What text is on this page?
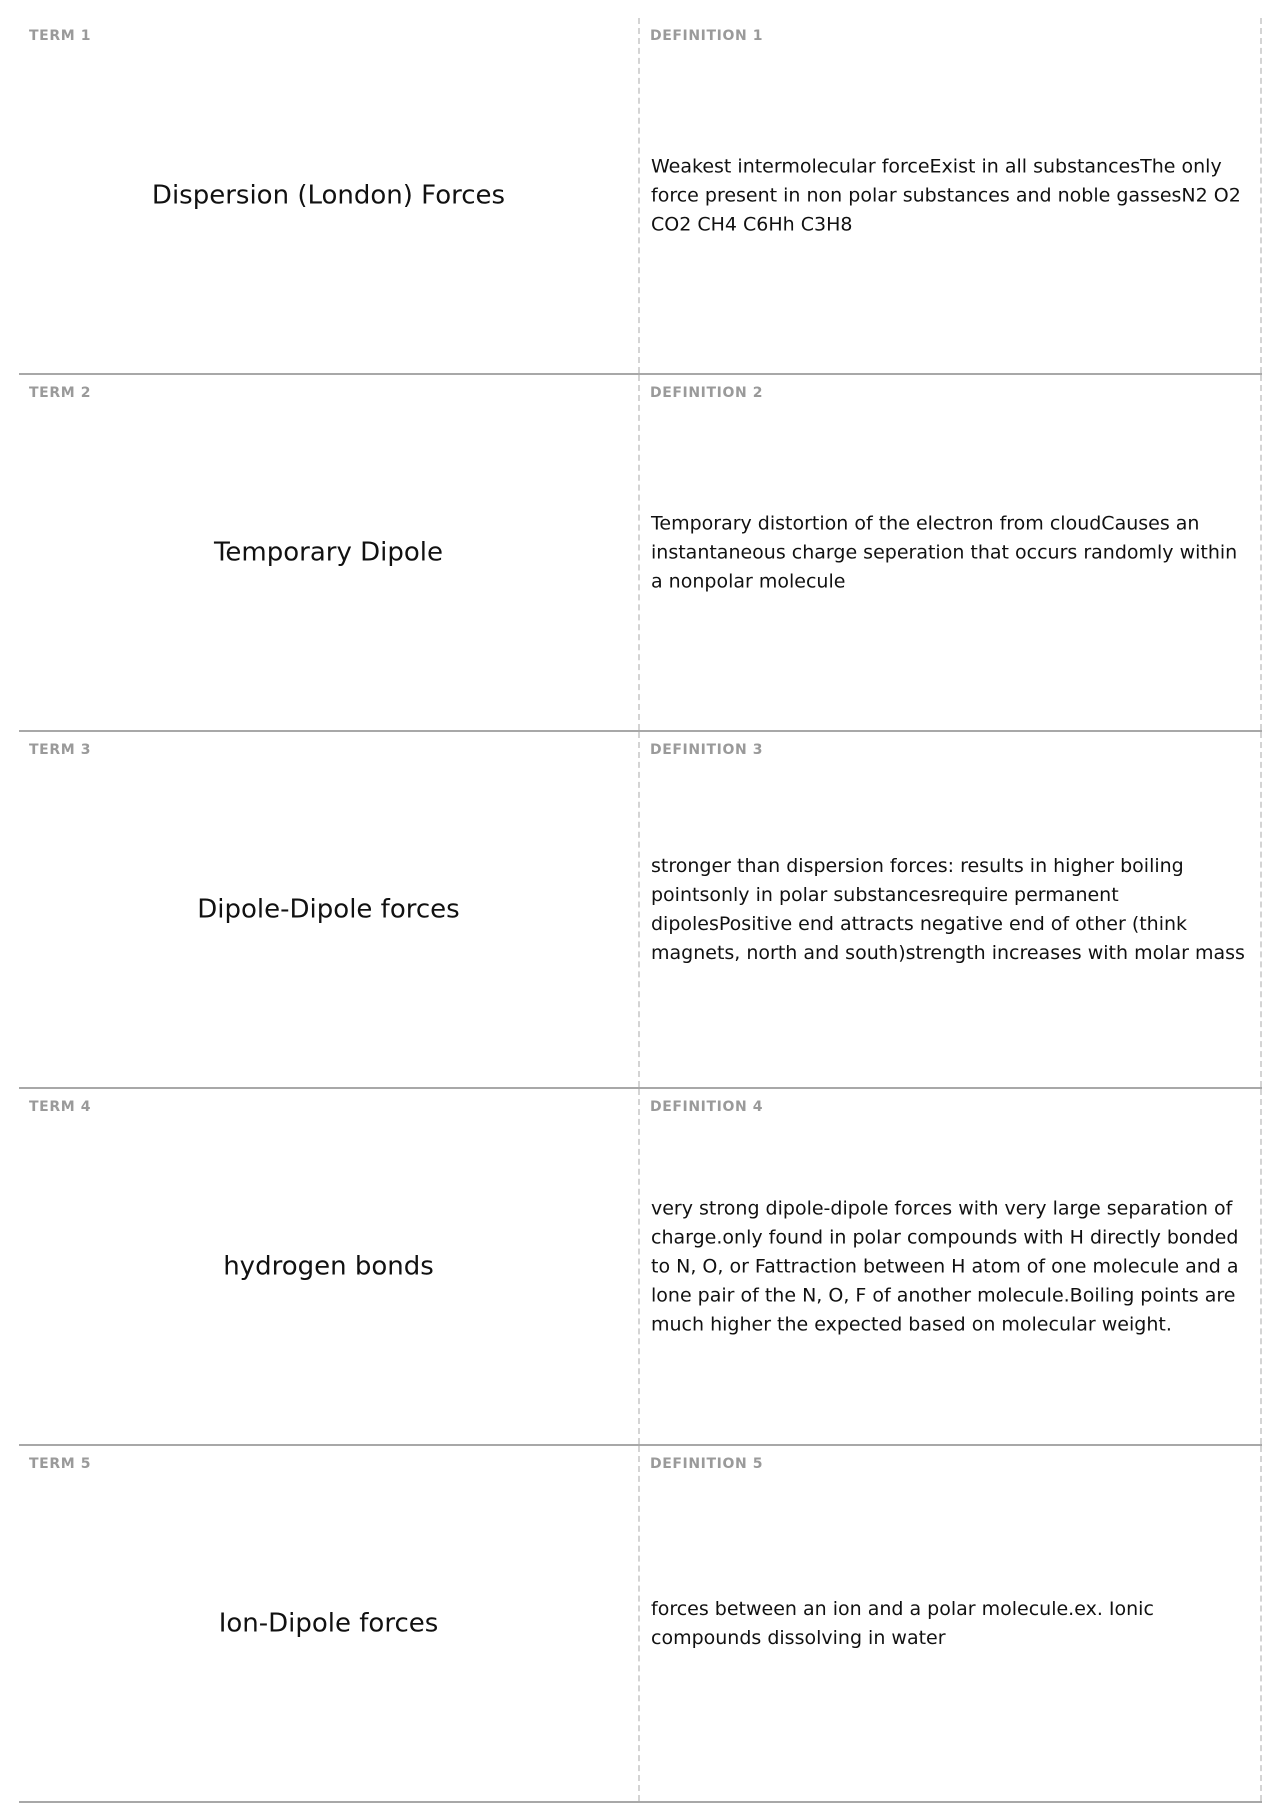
TERM 1
Dispersion (London) Forces
DEFINITION 1
Weakest intermolecular forceExist in all substancesThe only force present in non polar substances and noble gassesN2 O2 CO2 CH4 C6Hh C3H8
TERM 2
Temporary Dipole
DEFINITION 2
Temporary distortion of the electron from cloudCauses an instantaneous charge seperation that occurs randomly within a nonpolar molecule
TERM 3
Dipole-Dipole forces
DEFINITION 3
stronger than dispersion forces: results in higher boiling pointsonly in polar substancesrequire permanent dipolesPositive end attracts negative end of other (think magnets, north and south)strength increases with molar mass
TERM 4
hydrogen bonds
DEFINITION 4
very strong dipole-dipole forces with very large separation of charge.only found in polar compounds with H directly bonded to N, O, or Fattraction between H atom of one molecule and a lone pair of the N, O, F of another molecule.Boiling points are much higher the expected based on molecular weight.
TERM 5
Ion-Dipole forces
DEFINITION 5
forces between an ion and a polar molecule.ex. Ionic compounds dissolving in water
